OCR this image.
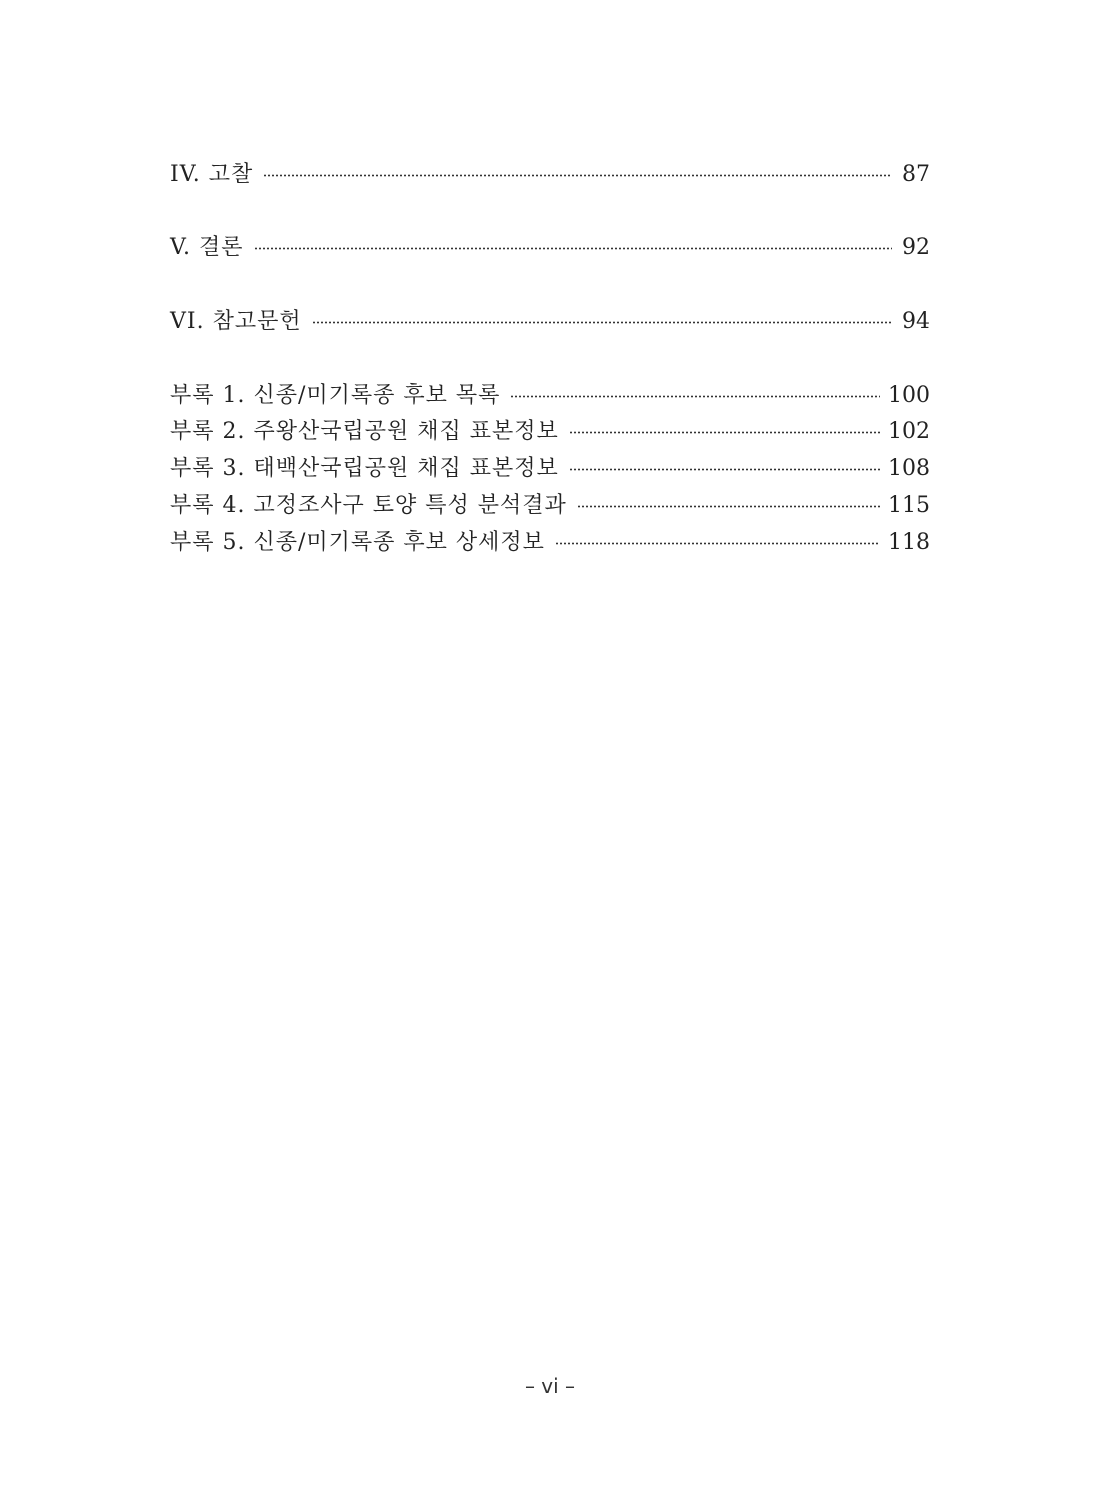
IV. 고찰	87
V. 결론	92
VI. 참고문헌	94
부록 1. 신종/미기록종 후보 목록	100
부록 2. 주왕산국립공원 채집 표본정보	102
부록 3. 태백산국립공원 채집 표본정보	108
부록 4. 고정조사구 토양 특성 분석결과	115
부록 5. 신종/미기록종 후보 상세정보	118
– vi –
